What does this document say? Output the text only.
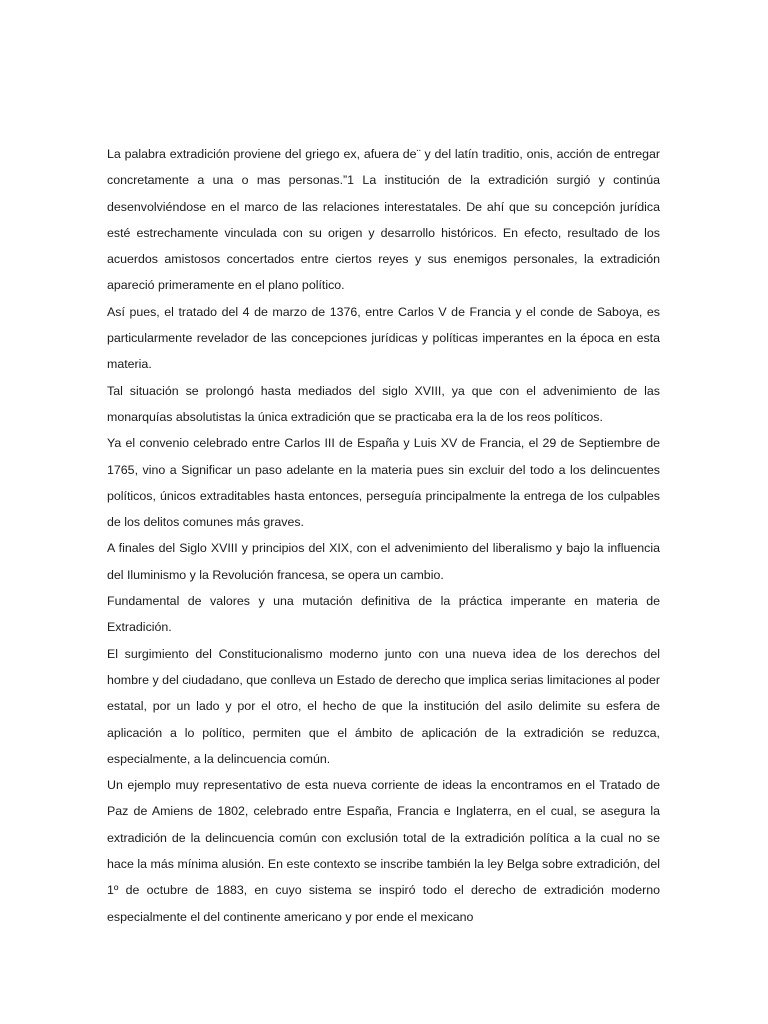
La palabra extradición proviene del griego ex, afuera de¨ y del latín traditio, onis, acción de entregar concretamente a una o mas personas.”1 La institución de la extradición surgió y continúa desenvolviéndose en el marco de las relaciones interestatales. De ahí que su concepción jurídica esté estrechamente vinculada con su origen y desarrollo históricos. En efecto, resultado de los acuerdos amistosos concertados entre ciertos reyes y sus enemigos personales, la extradición apareció primeramente en el plano político.

Así pues, el tratado del 4 de marzo de 1376, entre Carlos V de Francia y el conde de Saboya, es particularmente revelador de las concepciones jurídicas y políticas imperantes en la época en esta materia.

Tal situación se prolongó hasta mediados del siglo XVIII, ya que con el advenimiento de las monarquías absolutistas la única extradición que se practicaba era la de los reos políticos.

Ya el convenio celebrado entre Carlos III de España y Luis XV de Francia, el 29 de Septiembre de 1765, vino a Significar un paso adelante en la materia pues sin excluir del todo a los delincuentes políticos, únicos extraditables hasta entonces, perseguía principalmente la entrega de los culpables de los delitos comunes más graves.

A finales del Siglo XVIII y principios del XIX, con el advenimiento del liberalismo y bajo la influencia del Iluminismo y la Revolución francesa, se opera un cambio.

Fundamental de valores y una mutación definitiva de la práctica imperante en materia de Extradición.

El surgimiento del Constitucionalismo moderno junto con una nueva idea de los derechos del hombre y del ciudadano, que conlleva un Estado de derecho que implica serias limitaciones al poder estatal, por un lado y por el otro, el hecho de que la institución del asilo delimite su esfera de aplicación a lo político, permiten que el ámbito de aplicación de la extradición se reduzca, especialmente, a la delincuencia común.

Un ejemplo muy representativo de esta nueva corriente de ideas la encontramos en el Tratado de Paz de Amiens de 1802, celebrado entre España, Francia e Inglaterra, en el cual, se asegura la extradición de la delincuencia común con exclusión total de la extradición política a la cual no se hace la más mínima alusión. En este contexto se inscribe también la ley Belga sobre extradición, del 1º de octubre de 1883, en cuyo sistema se inspiró todo el derecho de extradición moderno especialmente el del continente americano y por ende el mexicano
